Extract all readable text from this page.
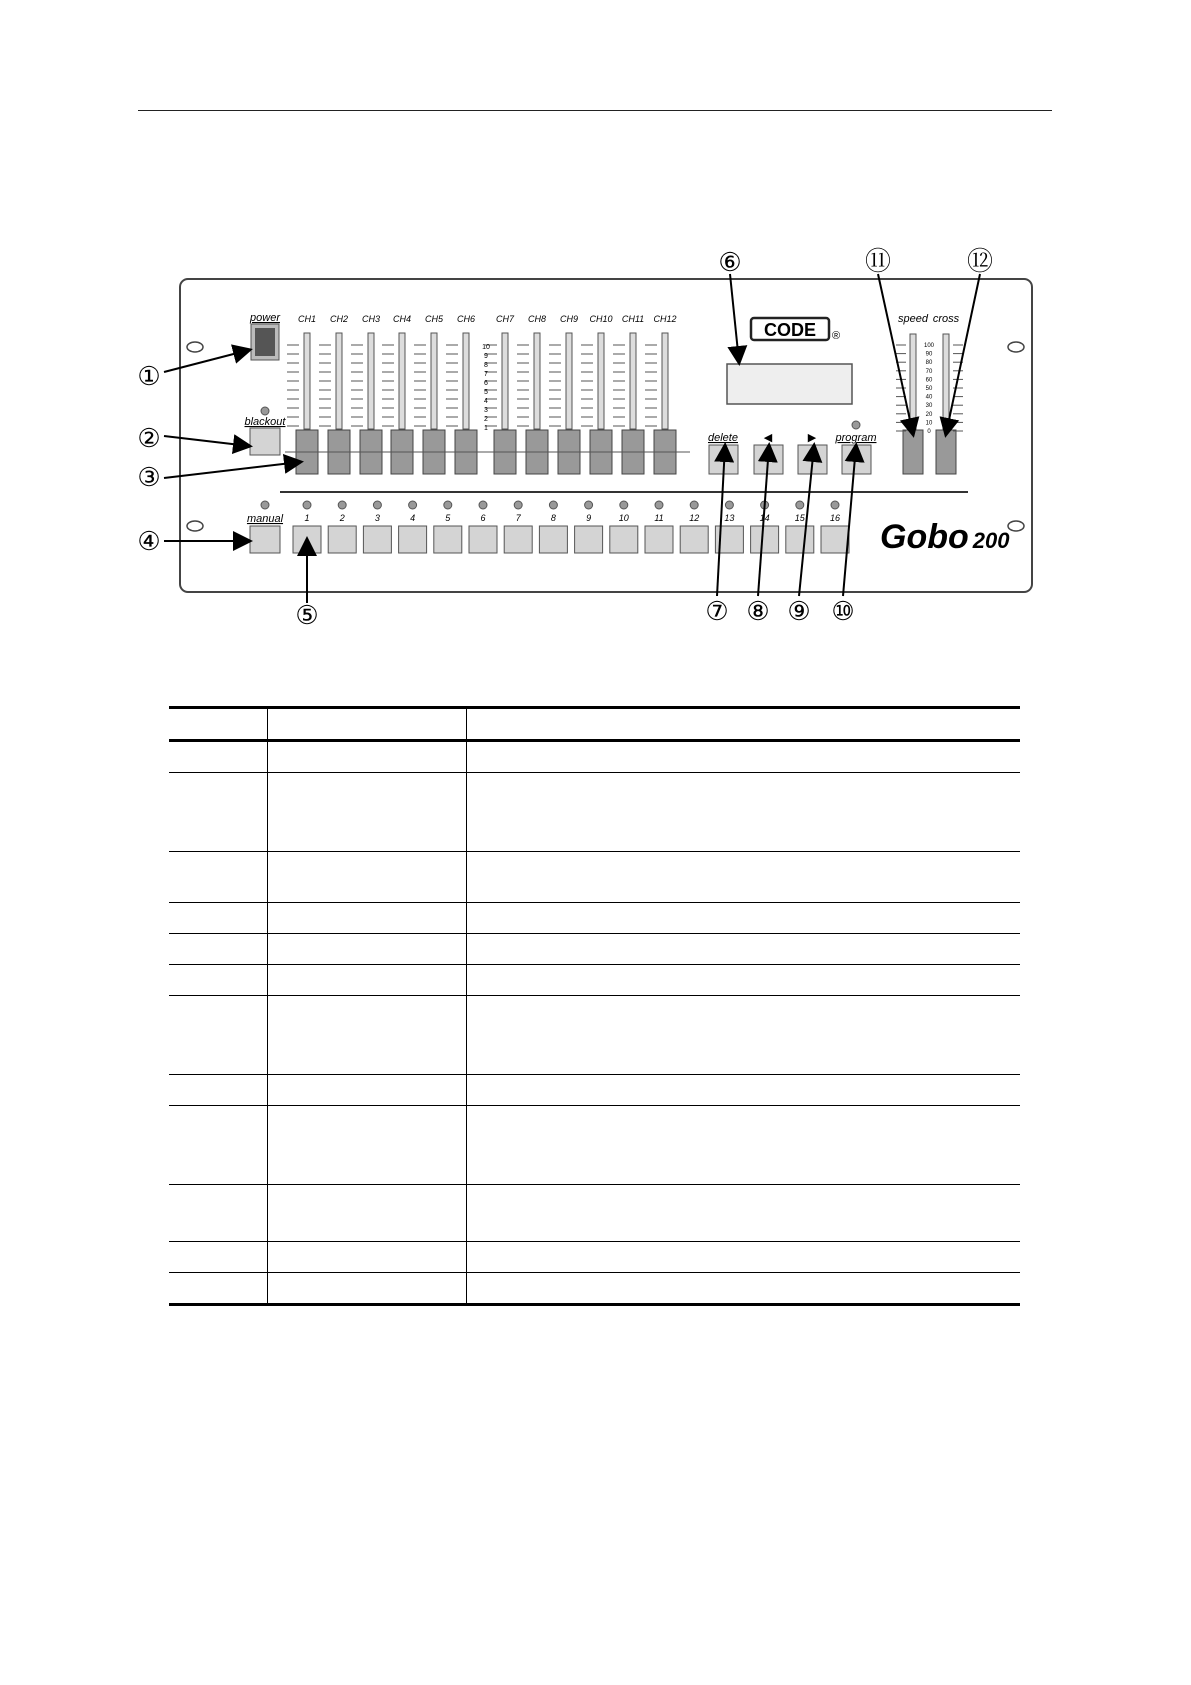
power
blackout
CH1 CH2 CH3 CH4 CH5 CH6 CH7 CH8 CH9 CH10 CH11 CH12
10
9
8
7
6
5
4
3
2
1
CODE ®
delete ◀	▶ program
speed cross
100
90
80
70
60
50
40
30
20
10
0
manual 1	2	3	4	5	6	7	8	9	10	11	12	13	14	15	16 Gobo 200
①
②
③
④
⑤
⑥
⑦ ⑧ ⑨ ⑩
⑪	⑫
